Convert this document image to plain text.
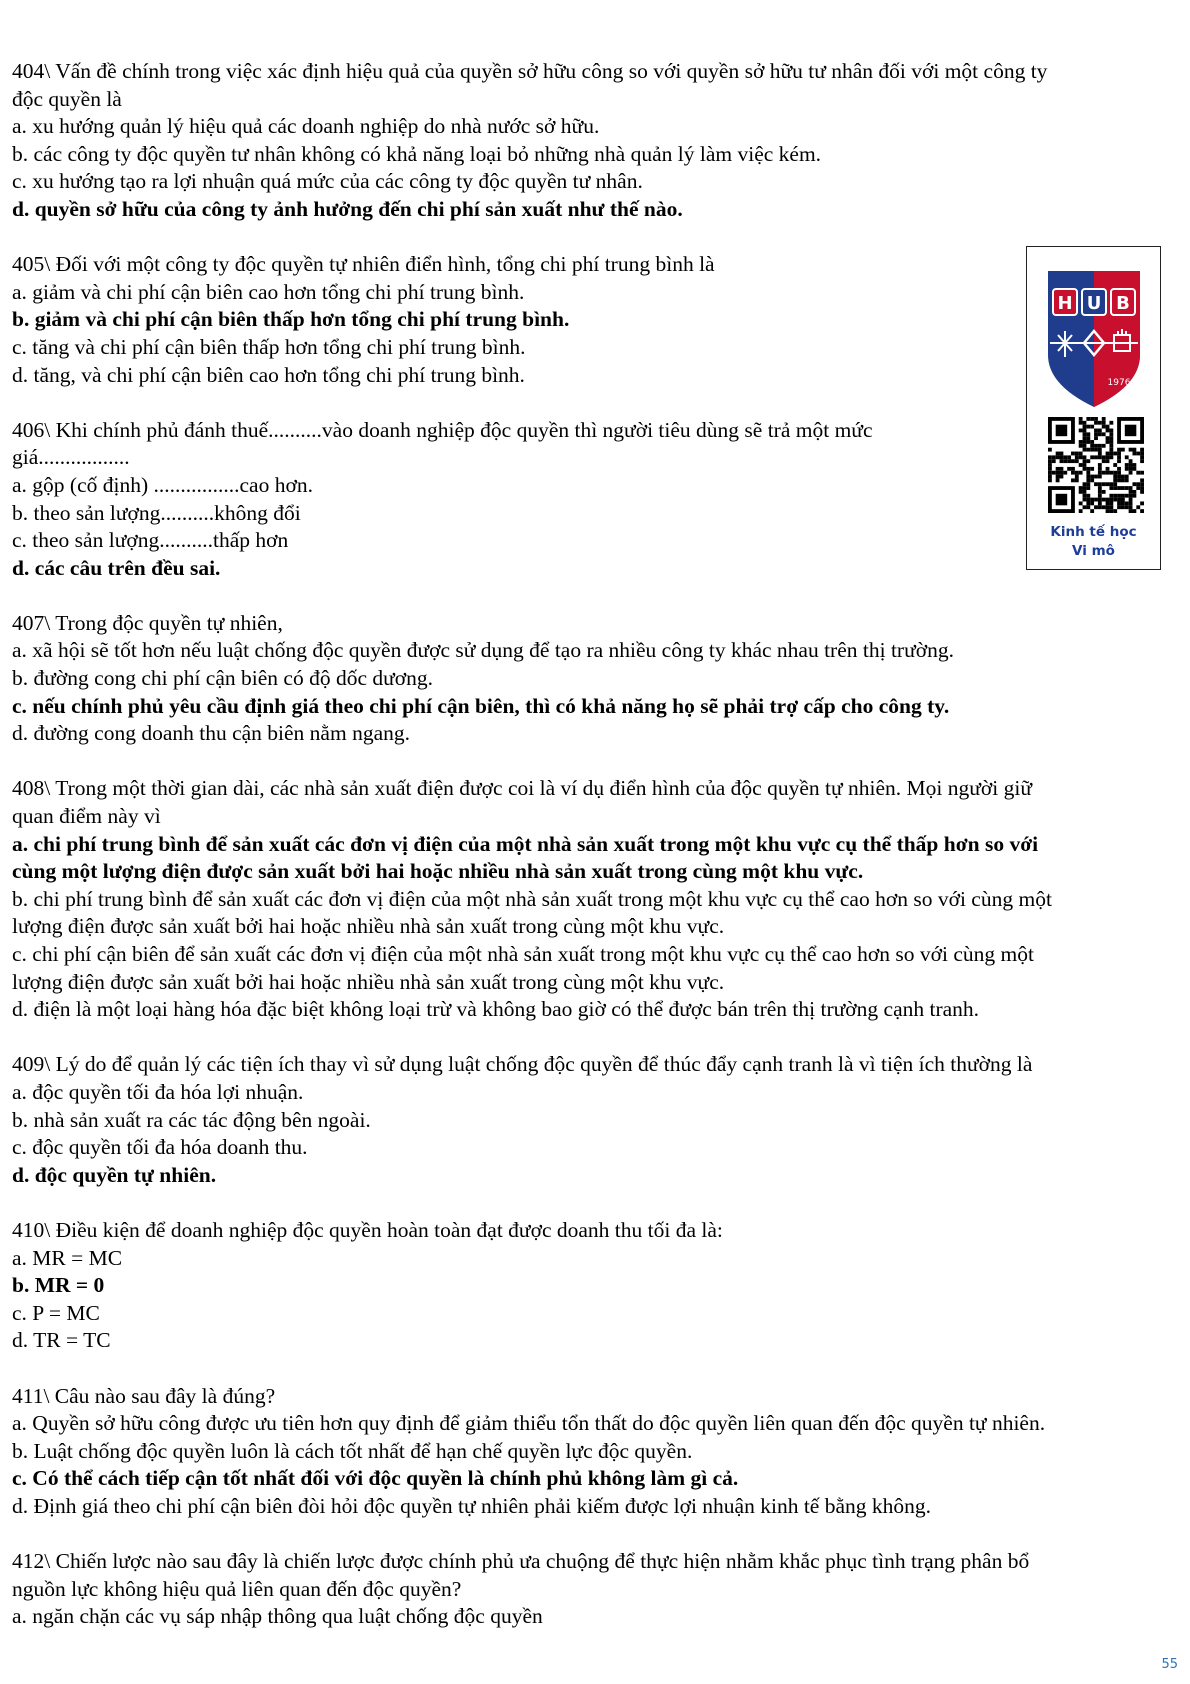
404\ Vấn đề chính trong việc xác định hiệu quả của quyền sở hữu công so với quyền sở hữu tư nhân đối với một công ty
độc quyền là
a. xu hướng quản lý hiệu quả các doanh nghiệp do nhà nước sở hữu.
b. các công ty độc quyền tư nhân không có khả năng loại bỏ những nhà quản lý làm việc kém.
c. xu hướng tạo ra lợi nhuận quá mức của các công ty độc quyền tư nhân.
d. quyền sở hữu của công ty ảnh hưởng đến chi phí sản xuất như thế nào.
405\ Đối với một công ty độc quyền tự nhiên điển hình, tổng chi phí trung bình là
a. giảm và chi phí cận biên cao hơn tổng chi phí trung bình.
b. giảm và chi phí cận biên thấp hơn tổng chi phí trung bình.
c. tăng và chi phí cận biên thấp hơn tổng chi phí trung bình.
d. tăng, và chi phí cận biên cao hơn tổng chi phí trung bình.
406\ Khi chính phủ đánh thuế..........vào doanh nghiệp độc quyền thì người tiêu dùng sẽ trả một mức
giá.................
a. gộp (cố định) ................cao hơn.
b. theo sản lượng..........không đổi
c. theo sản lượng..........thấp hơn
d. các câu trên đều sai.
407\ Trong độc quyền tự nhiên,
a. xã hội sẽ tốt hơn nếu luật chống độc quyền được sử dụng để tạo ra nhiều công ty khác nhau trên thị trường.
b. đường cong chi phí cận biên có độ dốc dương.
c. nếu chính phủ yêu cầu định giá theo chi phí cận biên, thì có khả năng họ sẽ phải trợ cấp cho công ty.
d. đường cong doanh thu cận biên nằm ngang.
408\ Trong một thời gian dài, các nhà sản xuất điện được coi là ví dụ điển hình của độc quyền tự nhiên. Mọi người giữ
quan điểm này vì
a. chi phí trung bình để sản xuất các đơn vị điện của một nhà sản xuất trong một khu vực cụ thể thấp hơn so với
cùng một lượng điện được sản xuất bởi hai hoặc nhiều nhà sản xuất trong cùng một khu vực.
b. chi phí trung bình để sản xuất các đơn vị điện của một nhà sản xuất trong một khu vực cụ thể cao hơn so với cùng một
lượng điện được sản xuất bởi hai hoặc nhiều nhà sản xuất trong cùng một khu vực.
c. chi phí cận biên để sản xuất các đơn vị điện của một nhà sản xuất trong một khu vực cụ thể cao hơn so với cùng một
lượng điện được sản xuất bởi hai hoặc nhiều nhà sản xuất trong cùng một khu vực.
d. điện là một loại hàng hóa đặc biệt không loại trừ và không bao giờ có thể được bán trên thị trường cạnh tranh.
409\ Lý do để quản lý các tiện ích thay vì sử dụng luật chống độc quyền để thúc đẩy cạnh tranh là vì tiện ích thường là
a. độc quyền tối đa hóa lợi nhuận.
b. nhà sản xuất ra các tác động bên ngoài.
c. độc quyền tối đa hóa doanh thu.
d. độc quyền tự nhiên.
410\ Điều kiện để doanh nghiệp độc quyền hoàn toàn đạt được doanh thu tối đa là:
a. MR = MC
b. MR = 0
c. P = MC
d. TR = TC
411\ Câu nào sau đây là đúng?
a. Quyền sở hữu công được ưu tiên hơn quy định để giảm thiểu tổn thất do độc quyền liên quan đến độc quyền tự nhiên.
b. Luật chống độc quyền luôn là cách tốt nhất để hạn chế quyền lực độc quyền.
c. Có thể cách tiếp cận tốt nhất đối với độc quyền là chính phủ không làm gì cả.
d. Định giá theo chi phí cận biên đòi hỏi độc quyền tự nhiên phải kiếm được lợi nhuận kinh tế bằng không.
412\ Chiến lược nào sau đây là chiến lược được chính phủ ưa chuộng để thực hiện nhằm khắc phục tình trạng phân bổ
nguồn lực không hiệu quả liên quan đến độc quyền?
a. ngăn chặn các vụ sáp nhập thông qua luật chống độc quyền
H U B
1976
Kinh tế học
Vi mô
55
